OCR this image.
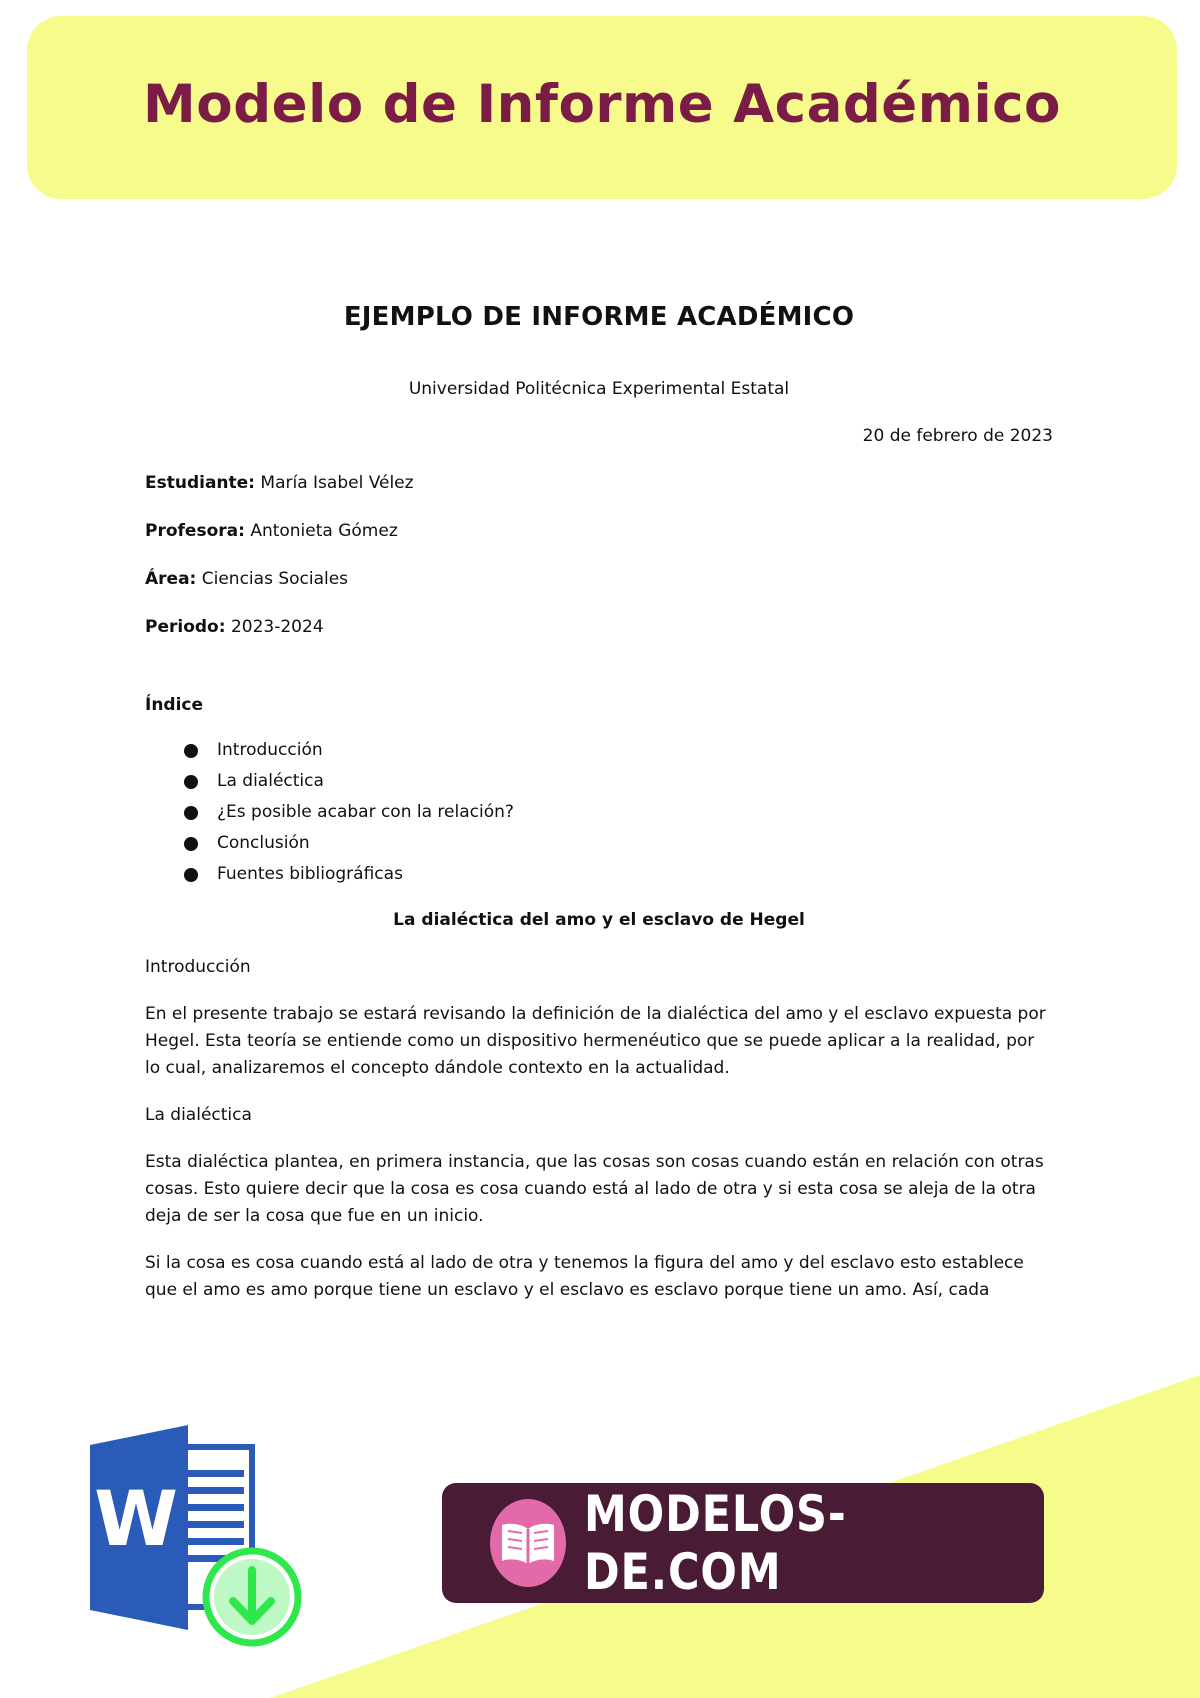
Modelo de Informe Académico
EJEMPLO DE INFORME ACADÉMICO
Universidad Politécnica Experimental Estatal
20 de febrero de 2023
Estudiante: María Isabel Vélez
Profesora: Antonieta Gómez
Área: Ciencias Sociales
Periodo: 2023-2024
Índice
Introducción
La dialéctica
¿Es posible acabar con la relación?
Conclusión
Fuentes bibliográficas
La dialéctica del amo y el esclavo de Hegel
Introducción

En el presente trabajo se estará revisando la definición de la dialéctica del amo y el esclavo expuesta por Hegel. Esta teoría se entiende como un dispositivo hermenéutico que se puede aplicar a la realidad, por lo cual, analizaremos el concepto dándole contexto en la actualidad.

La dialéctica

Esta dialéctica plantea, en primera instancia, que las cosas son cosas cuando están en relación con otras cosas. Esto quiere decir que la cosa es cosa cuando está al lado de otra y si esta cosa se aleja de la otra deja de ser la cosa que fue en un inicio.

Si la cosa es cosa cuando está al lado de otra y tenemos la figura del amo y del esclavo esto establece que el amo es amo porque tiene un esclavo y el esclavo es esclavo porque tiene un amo. Así, cada

W	MODELOS-DE.COM
